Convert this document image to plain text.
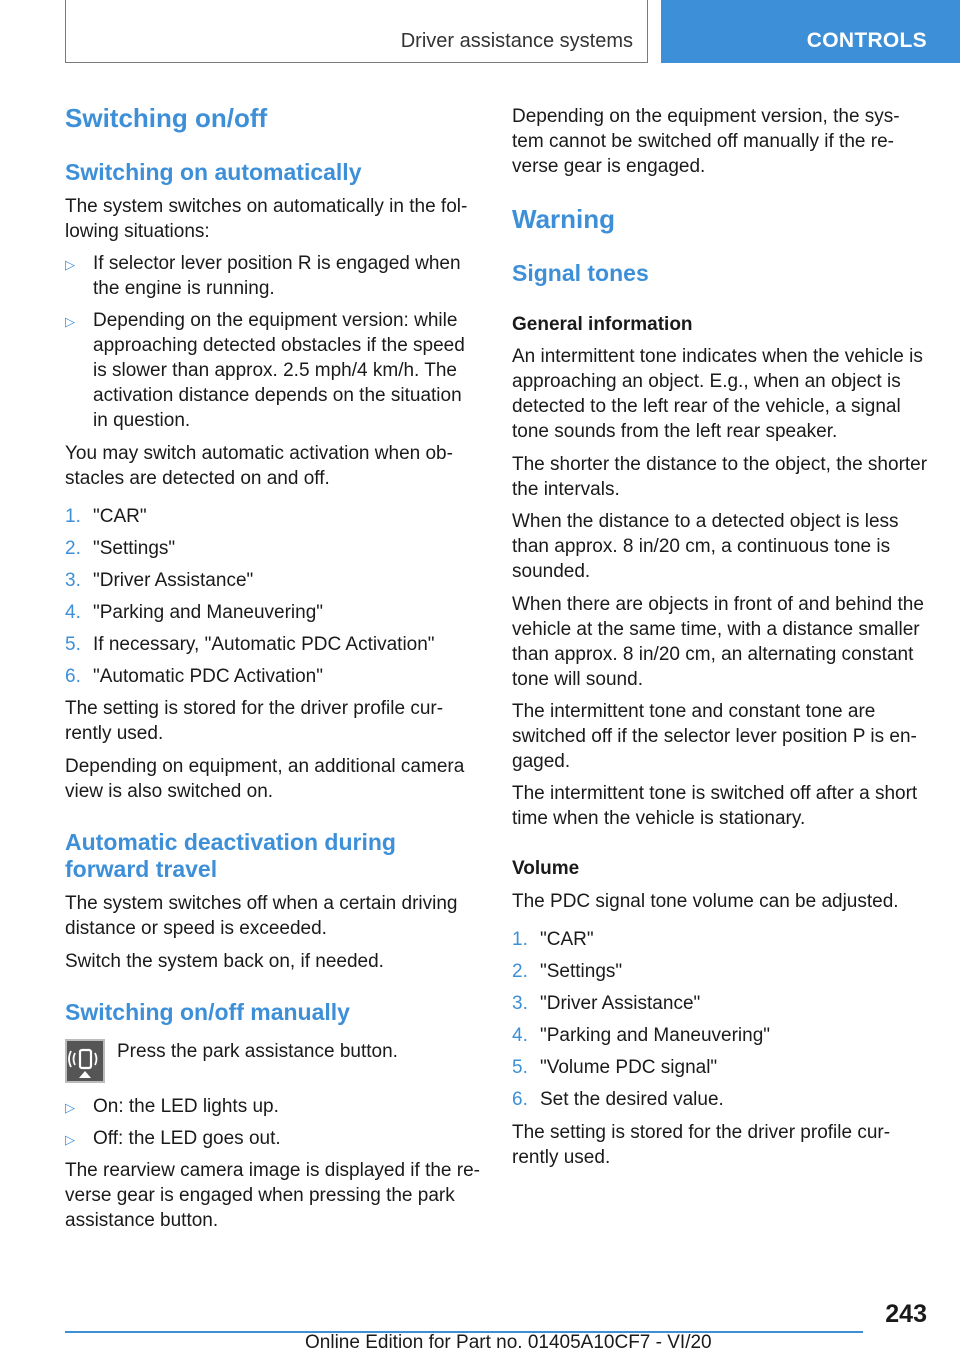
Driver assistance systems	CONTROLS
Switching on/off
Switching on automatically

The system switches on automatically in the fol‐ lowing situations:

▷ If selector lever position R is engaged when the engine is running.
▷ Depending on the equipment version: while approaching detected obstacles if the speed is slower than approx. 2.5 mph/4 km/h. The activation distance depends on the situation in question.

You may switch automatic activation when ob‐ stacles are detected on and off.

1. "CAR"
2. "Settings"
3. "Driver Assistance"
4. "Parking and Maneuvering"
5. If necessary, "Automatic PDC Activation"
6. "Automatic PDC Activation"

The setting is stored for the driver profile cur‐ rently used.

Depending on equipment, an additional camera view is also switched on.

Automatic deactivation during forward travel

The system switches off when a certain driving distance or speed is exceeded.

Switch the system back on, if needed.

Switching on/off manually

Press the park assistance button.

▷ On: the LED lights up.
▷ Off: the LED goes out.

The rearview camera image is displayed if the re‐ verse gear is engaged when pressing the park assistance button.

Depending on the equipment version, the sys‐ tem cannot be switched off manually if the re‐ verse gear is engaged.

Warning
Signal tones
General information

An intermittent tone indicates when the vehicle is approaching an object. E.g., when an object is detected to the left rear of the vehicle, a signal tone sounds from the left rear speaker.

The shorter the distance to the object, the shorter the intervals.

When the distance to a detected object is less than approx. 8 in/20 cm, a continuous tone is sounded.

When there are objects in front of and behind the vehicle at the same time, with a distance smaller than approx. 8 in/20 cm, an alternating constant tone will sound.

The intermittent tone and constant tone are switched off if the selector lever position P is en‐ gaged.

The intermittent tone is switched off after a short time when the vehicle is stationary.

Volume

The PDC signal tone volume can be adjusted.

1. "CAR"
2. "Settings"
3. "Driver Assistance"
4. "Parking and Maneuvering"
5. "Volume PDC signal"
6. Set the desired value.

The setting is stored for the driver profile cur‐ rently used.

243
Online Edition for Part no. 01405A10CF7 - VI/20
